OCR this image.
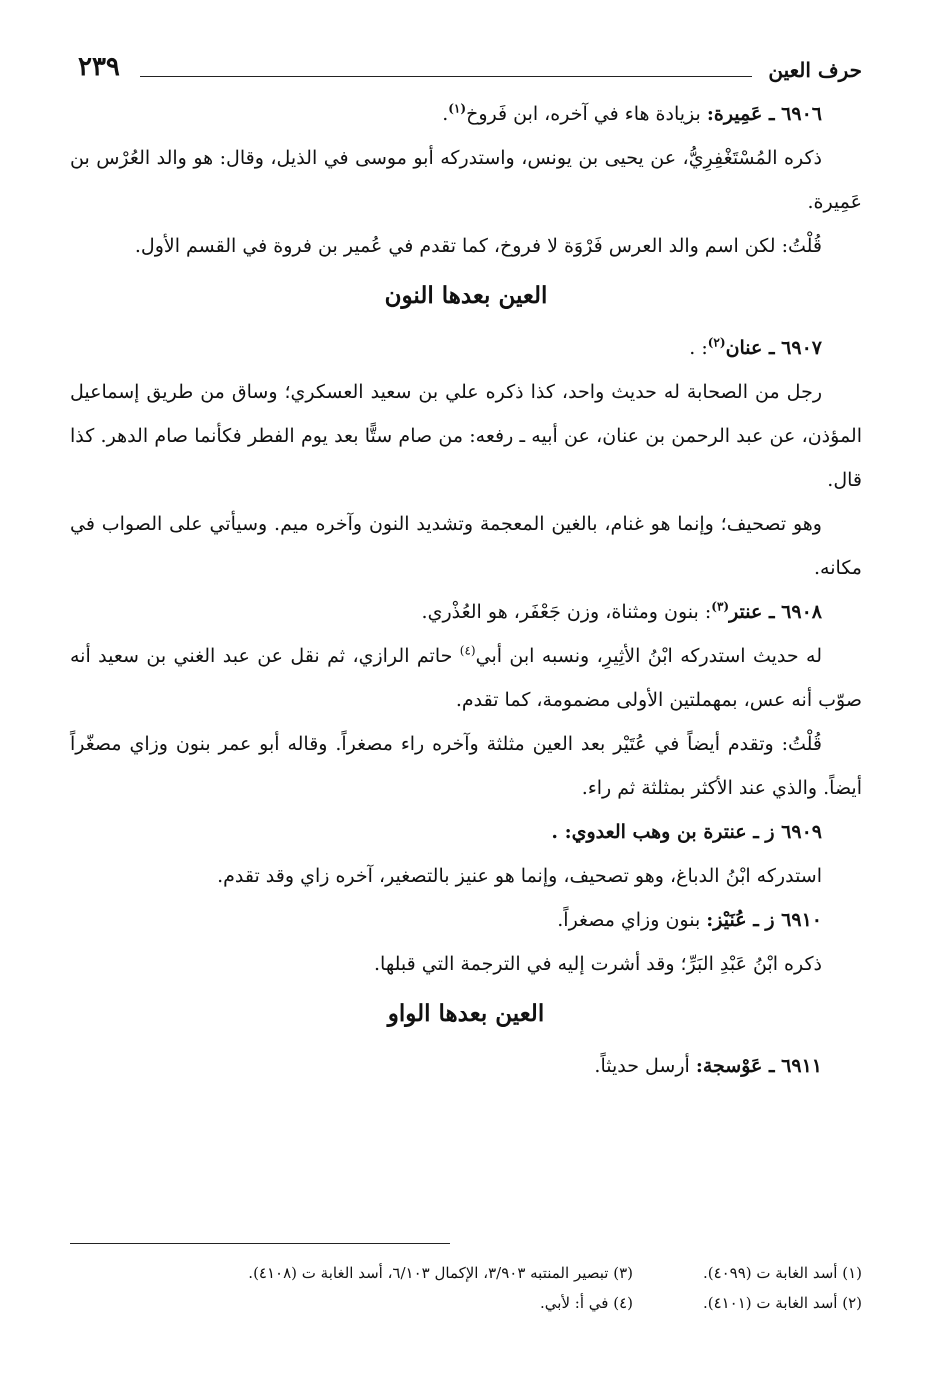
حرف العين
٢٣٩

٦٩٠٦ ـ عَمِيرة: بزيادة هاء في آخره، ابن فَروخ$^{(١)}$.

ذكره المُسْتَغْفِرِيُّ، عن يحيى بن يونس، واستدركه أبو موسى في الذيل، وقال: هو والد العُرْس بن عَمِيرة.

قُلْتُ: لكن اسم والد العرس فَرْوَة لا فروخ، كما تقدم في عُمير بن فروة في القسم الأول.

العين بعدها النون

٦٩٠٧ ـ عنان$^{(٢)}$: .

رجل من الصحابة له حديث واحد، كذا ذكره علي بن سعيد العسكري؛ وساق من طريق إسماعيل المؤذن، عن عبد الرحمن بن عنان، عن أبيه ـ رفعه: من صام ستًّا بعد يوم الفطر فكأنما صام الدهر. كذا قال.

وهو تصحيف؛ وإنما هو غنام، بالغين المعجمة وتشديد النون وآخره ميم. وسيأتي على الصواب في مكانه.

٦٩٠٨ ـ عنتر$^{(٣)}$: بنون ومثناة، وزن جَعْفَر، هو العُذْري.

له حديث استدركه ابْنُ الأثِيرِ، ونسبه ابن أبي$^{(٤)}$ حاتم الرازي، ثم نقل عن عبد الغني بن سعيد أنه صوّب أنه عس، بمهملتين الأولى مضمومة، كما تقدم.

قُلْتُ: وتقدم أيضاً في عُتَيْر بعد العين مثلثة وآخره راء مصغراً. وقاله أبو عمر بنون وزاي مصغّراً أيضاً. والذي عند الأكثر بمثلثة ثم راء.

٦٩٠٩ ز ـ عنترة بن وهب العدوي: .

استدركه ابْنُ الدباغ، وهو تصحيف، وإنما هو عنيز بالتصغير، آخره زاي وقد تقدم.

٦٩١٠ ز ـ عُنَيْز: بنون وزاي مصغراً.

ذكره ابْنُ عَبْدِ البَرِّ؛ وقد أشرت إليه في الترجمة التي قبلها.

العين بعدها الواو

٦٩١١ ـ عَوْسجة: أرسل حديثاً.

(١) أسد الغابة ت (٤٠٩٩).
(٣) تبصير المنتبه ٣/٩٠٣، الإكمال ٦/١٠٣، أسد الغابة ت (٤١٠٨).
(٢) أسد الغابة ت (٤١٠١).
(٤) في أ: لأبي.
